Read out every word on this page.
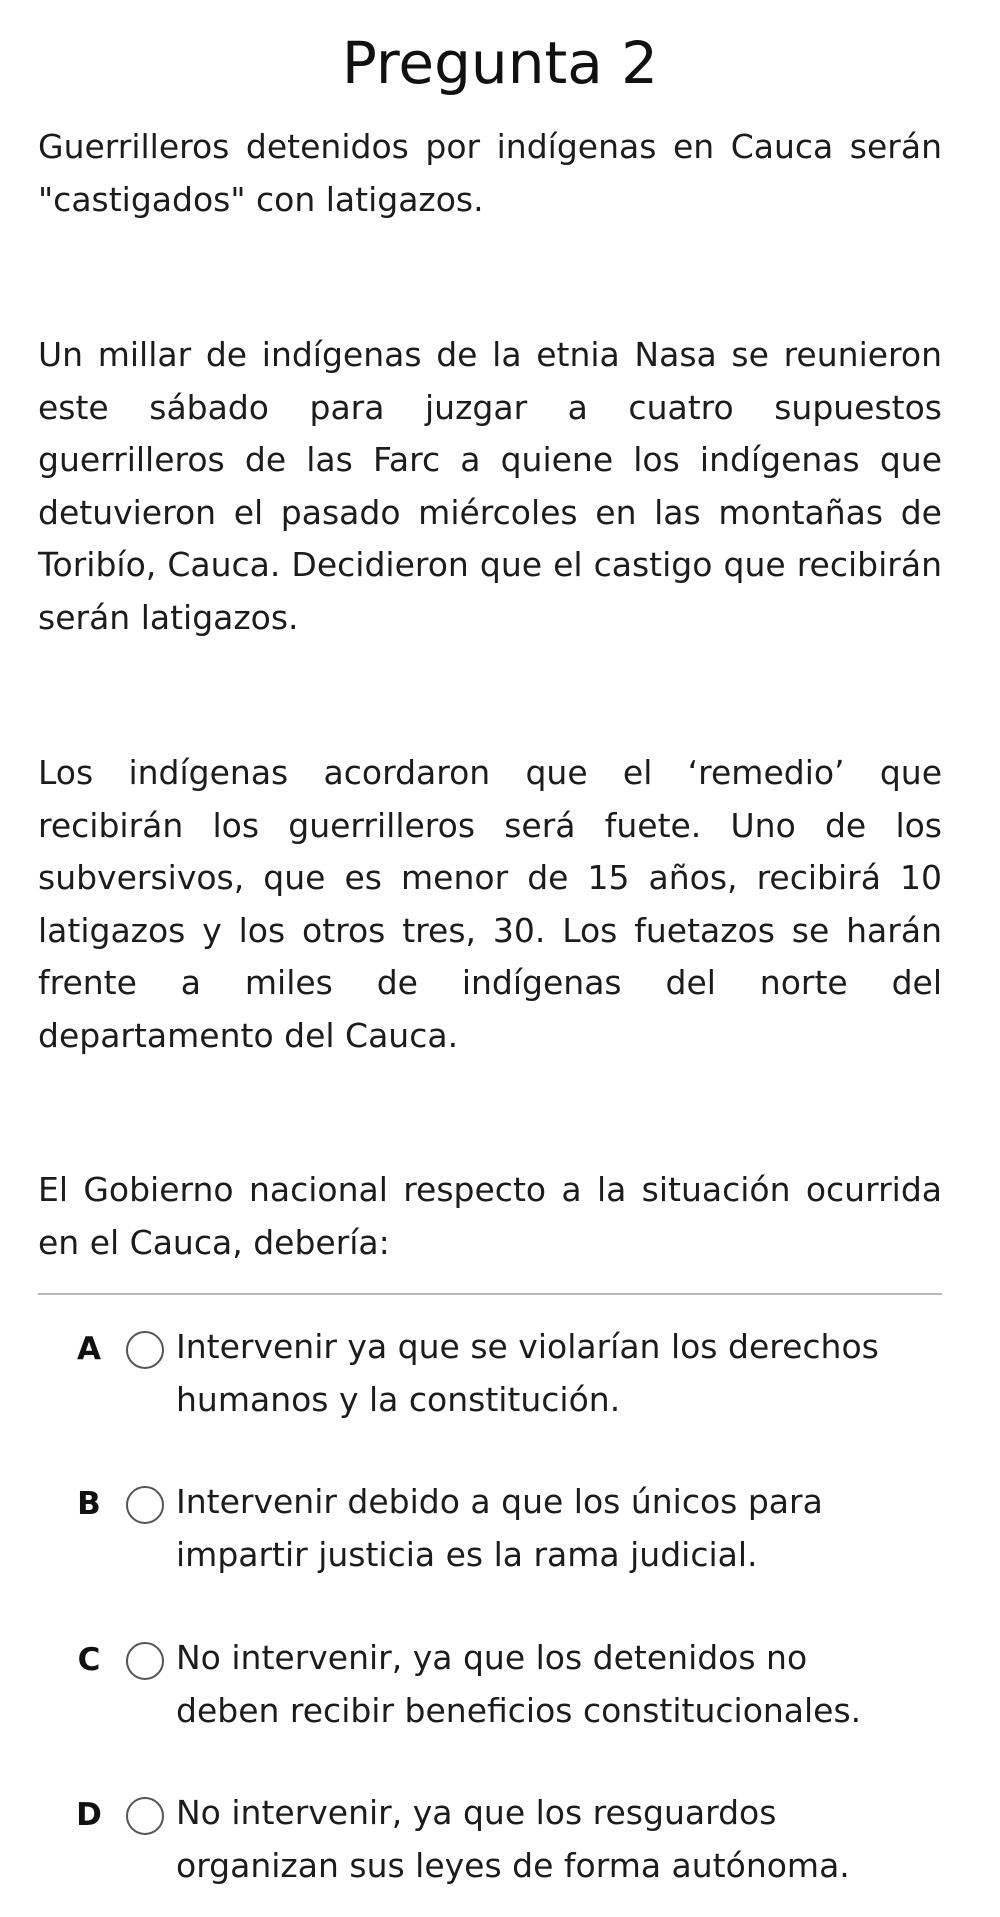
Pregunta 2

Guerrilleros detenidos por indígenas en Cauca serán "castigados" con latigazos.

Un millar de indígenas de la etnia Nasa se reunieron este sábado para juzgar a cuatro supuestos guerrilleros de las Farc a quiene los indígenas que detuvieron el pasado miércoles en las montañas de Toribío, Cauca. Decidieron que el castigo que recibirán serán latigazos.

Los indígenas acordaron que el ‘remedio’ que recibirán los guerrilleros será fuete. Uno de los subversivos, que es menor de 15 años, recibirá 10 latigazos y los otros tres, 30. Los fuetazos se harán frente a miles de indígenas del norte del departamento del Cauca.

El Gobierno nacional respecto a la situación ocurrida en el Cauca, debería:

A Intervenir ya que se violarían los derechos humanos y la constitución.
B Intervenir debido a que los únicos para impartir justicia es la rama judicial.
C No intervenir, ya que los detenidos no deben recibir beneficios constitucionales.
D No intervenir, ya que los resguardos organizan sus leyes de forma autónoma.
